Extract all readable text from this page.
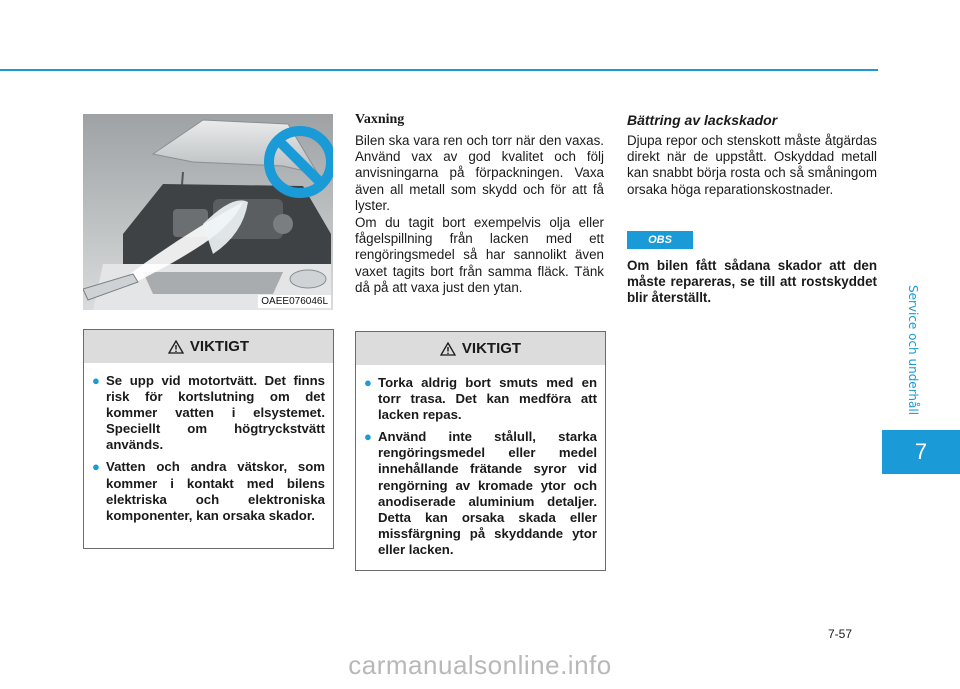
Service och underhåll
7
OAEE076046L
Vaxning

Bilen ska vara ren och torr när den vaxas. Använd vax av god kvalitet och följ anvisningarna på förpackningen. Vaxa även all metall som skydd och för att få lyster.

Om du tagit bort exempelvis olja eller fågelspillning från lacken med ett rengöringsmedel så har sannolikt även vaxet tagits bort från samma fläck. Tänk då på att vaxa just den ytan.

Bättring av lackskador

Djupa repor och stenskott måste åtgärdas direkt när de uppstått. Oskyddad metall kan snabbt börja rosta och så småningom orsaka höga reparationskostnader.

OBS

Om bilen fått sådana skador att den måste repareras, se till att rostskyddet blir återställt.

VIKTIGT
● Se upp vid motortvätt. Det finns risk för kortslutning om det kommer vatten i elsystemet. Speciellt om högtryckstvätt används.
● Vatten och andra vätskor, som kommer i kontakt med bilens elektriska och elektroniska komponenter, kan orsaka skador.
VIKTIGT
● Torka aldrig bort smuts med en torr trasa. Det kan medföra att lacken repas.
● Använd inte stålull, starka rengöringsmedel eller medel innehållande frätande syror vid rengörning av kromade ytor och anodiserade aluminium detaljer. Detta kan orsaka skada eller missfärgning på skyddande ytor eller lacken.
7-57
carmanualsonline.info
